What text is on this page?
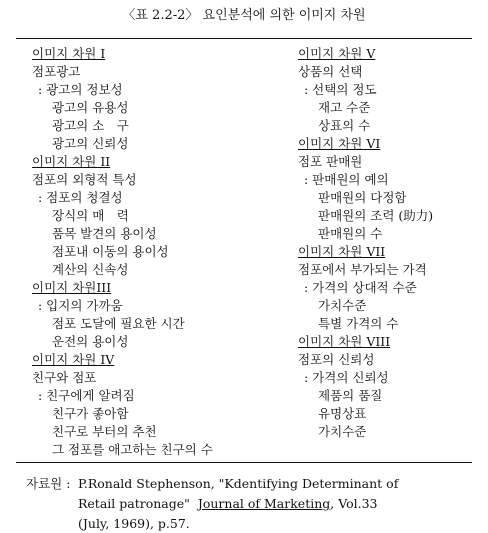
〈표 2.2-2〉 요인분석에 의한 이미지 차원
이미지 차원 I
점포광고
: 광고의 정보성
광고의 유용성
광고의 소　구
광고의 신뢰성
이미지 차원 II
점포의 외형적 특성
: 점포의 청결성
장식의 매　력
품목 발견의 용이성
점포내 이동의 용이성
계산의 신속성
이미지 차원III
: 입지의 가까움
점포 도달에 필요한 시간
운전의 용이성
이미지 차원 IV
친구와 점포
: 친구에게 알려짐
친구가 좋아함
친구로 부터의 추천
그 점포를 애고하는 친구의 수
이미지 차원 V
상품의 선택
: 선택의 정도
재고 수준
상표의 수
이미지 차원 VI
점포 판매원
: 판매원의 예의
판매원의 다정함
판매원의 조력 (助力)
판매원의 수
이미지 차원 VII
점포에서 부가되는 가격
: 가격의 상대적 수준
가치수준
특별 가격의 수
이미지 차원 VIII
점포의 신뢰성
: 가격의 신뢰성
제품의 품질
유명상표
가치수준
자료원 : P.Ronald Stephenson, "Kdentifying Determinant of
Retail patronage" Journal of Marketing, Vol.33
(July, 1969), p.57.
